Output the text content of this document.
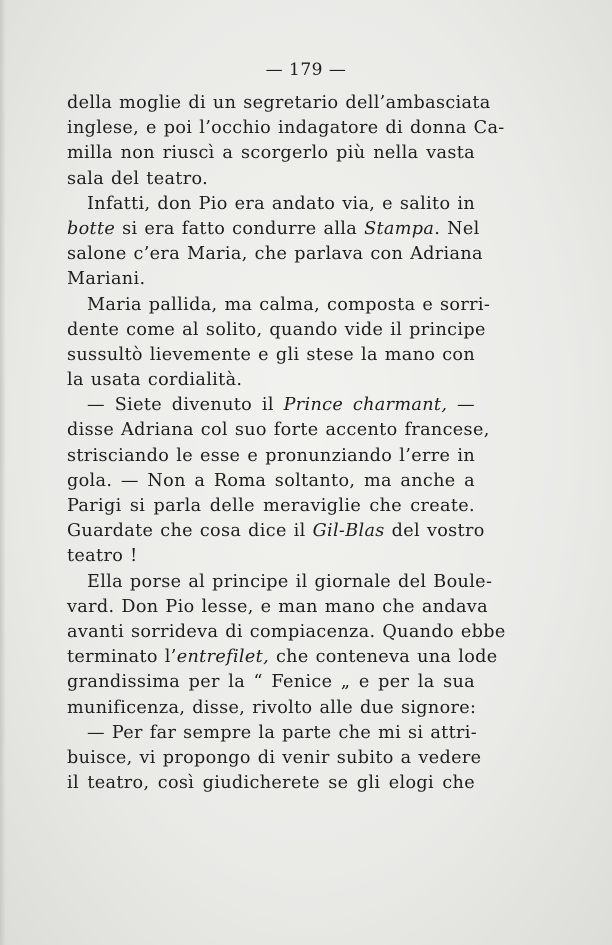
— 179 —
della moglie di un segretario dell’ambasciata
inglese, e poi l’occhio indagatore di donna Ca-
milla non riuscì a scorgerlo più nella vasta
sala del teatro.
Infatti, don Pio era andato via, e salito in
botte si era fatto condurre alla Stampa. Nel
salone c’era Maria, che parlava con Adriana
Mariani.
Maria pallida, ma calma, composta e sorri-
dente come al solito, quando vide il principe
sussultò lievemente e gli stese la mano con
la usata cordialità.
— Siete divenuto il Prince charmant, —
disse Adriana col suo forte accento francese,
strisciando le esse e pronunziando l’erre in
gola. — Non a Roma soltanto, ma anche a
Parigi si parla delle meraviglie che create.
Guardate che cosa dice il Gil-Blas del vostro
teatro !
Ella porse al principe il giornale del Boule-
vard. Don Pio lesse, e man mano che andava
avanti sorrideva di compiacenza. Quando ebbe
terminato l’entrefilet, che conteneva una lode
grandissima per la “ Fenice „ e per la sua
munificenza, disse, rivolto alle due signore:
— Per far sempre la parte che mi si attri-
buisce, vi propongo di venir subito a vedere
il teatro, così giudicherete se gli elogi che
